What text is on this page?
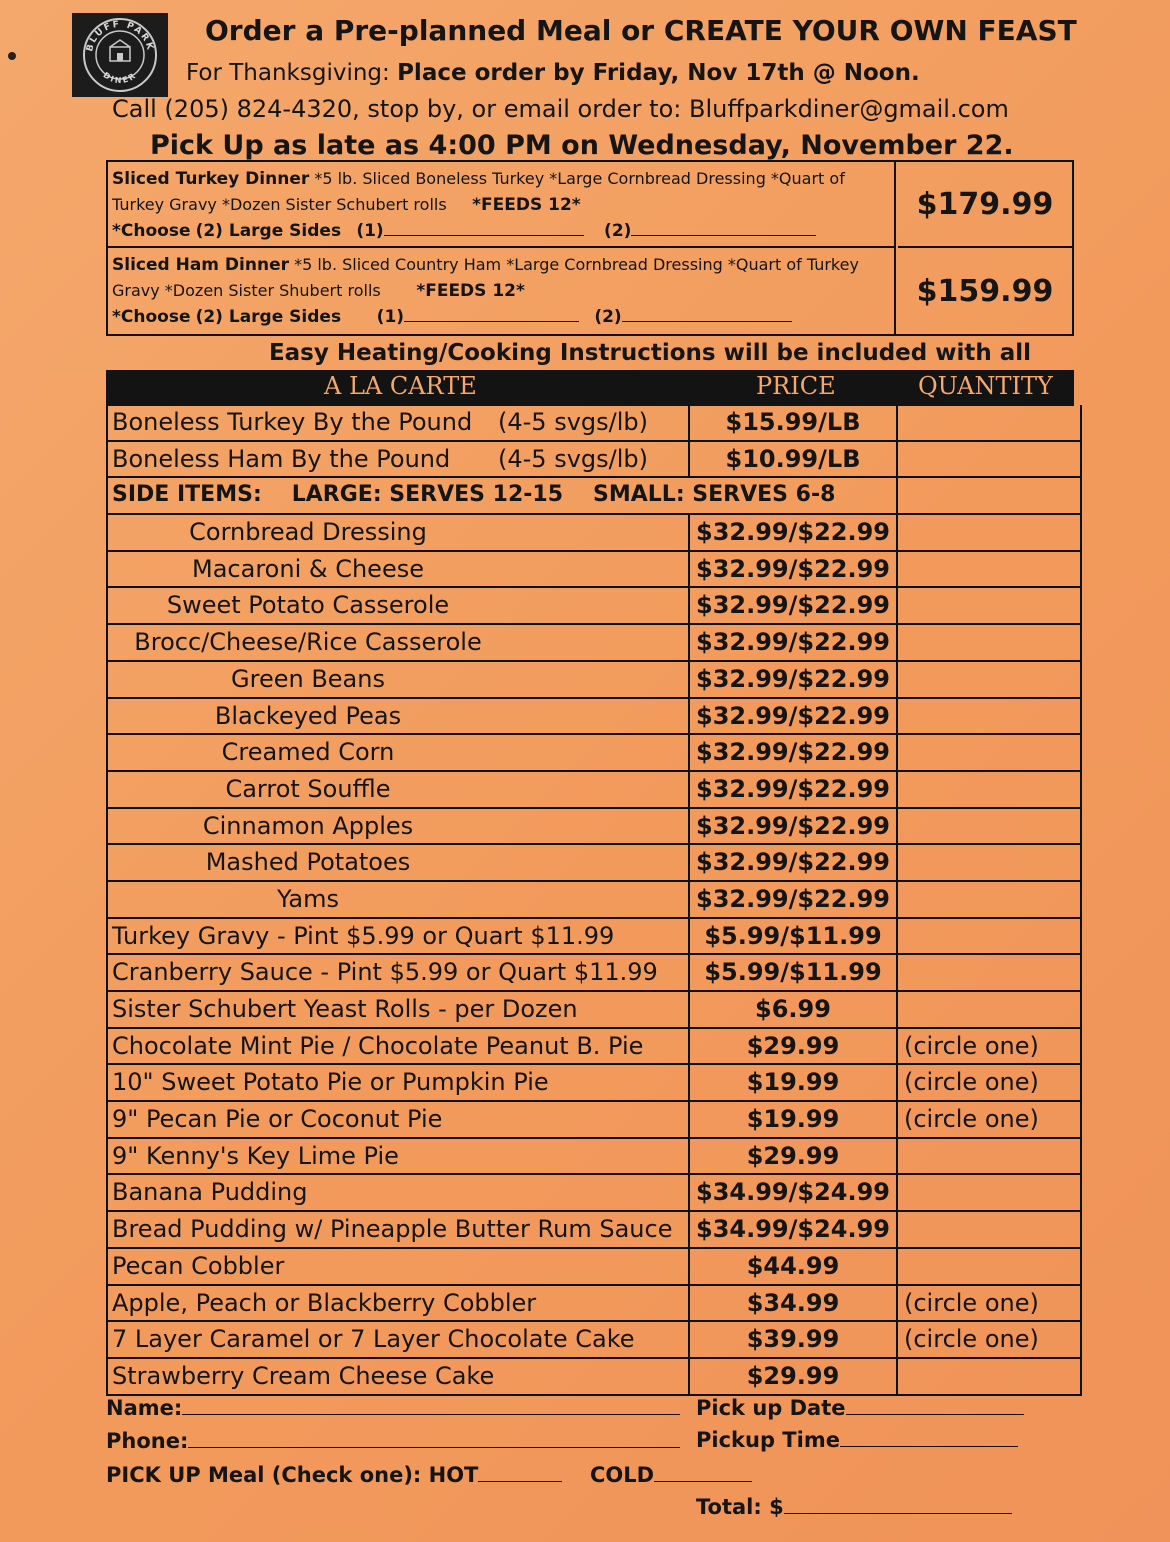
BLUFF PARK
DINER
Order a Pre-planned Meal or CREATE YOUR OWN FEAST
For Thanksgiving: Place order by Friday, Nov 17th @ Noon.
Call (205) 824-4320, stop by, or email order to: Bluffparkdiner@gmail.com
Pick Up as late as 4:00 PM on Wednesday, November 22.
Sliced Turkey Dinner *5 lb. Sliced Boneless Turkey *Large Cornbread Dressing *Quart of
Turkey Gravy *Dozen Sister Schubert rolls *FEEDS 12*
*Choose (2) Large Sides (1)	(2)
$179.99
Sliced Ham Dinner *5 lb. Sliced Country Ham *Large Cornbread Dressing *Quart of Turkey
Gravy *Dozen Sister Shubert rolls *FEEDS 12*
*Choose (2) Large Sides (1)	(2)
$159.99
Easy Heating/Cooking Instructions will be included with all
A LA CARTE	PRICE	QUANTITY
Boneless Turkey By the Pound	(4-5 svgs/lb)	$15.99/LB
Boneless Ham By the Pound	(4-5 svgs/lb)	$10.99/LB
SIDE ITEMS: LARGE: SERVES 12-15 SMALL: SERVES 6-8
Cornbread Dressing	$32.99/$22.99
Macaroni & Cheese	$32.99/$22.99
Sweet Potato Casserole	$32.99/$22.99
Brocc/Cheese/Rice Casserole	$32.99/$22.99
Green Beans	$32.99/$22.99
Blackeyed Peas	$32.99/$22.99
Creamed Corn	$32.99/$22.99
Carrot Souffle	$32.99/$22.99
Cinnamon Apples	$32.99/$22.99
Mashed Potatoes	$32.99/$22.99
Yams	$32.99/$22.99
Turkey Gravy - Pint $5.99 or Quart $11.99	$5.99/$11.99
Cranberry Sauce - Pint $5.99 or Quart $11.99	$5.99/$11.99
Sister Schubert Yeast Rolls - per Dozen	$6.99
Chocolate Mint Pie / Chocolate Peanut B. Pie	$29.99	(circle one)
10" Sweet Potato Pie or Pumpkin Pie	$19.99	(circle one)
9" Pecan Pie or Coconut Pie	$19.99	(circle one)
9" Kenny's Key Lime Pie	$29.99
Banana Pudding	$34.99/$24.99
Bread Pudding w/ Pineapple Butter Rum Sauce $34.99/$24.99
Pecan Cobbler	$44.99
Apple, Peach or Blackberry Cobbler	$34.99	(circle one)
7 Layer Caramel or 7 Layer Chocolate Cake	$39.99	(circle one)
Strawberry Cream Cheese Cake	$29.99
Name:
Phone:
PICK UP Meal (Check one): HOT	COLD
Pick up Date
Pickup Time
Total: $
